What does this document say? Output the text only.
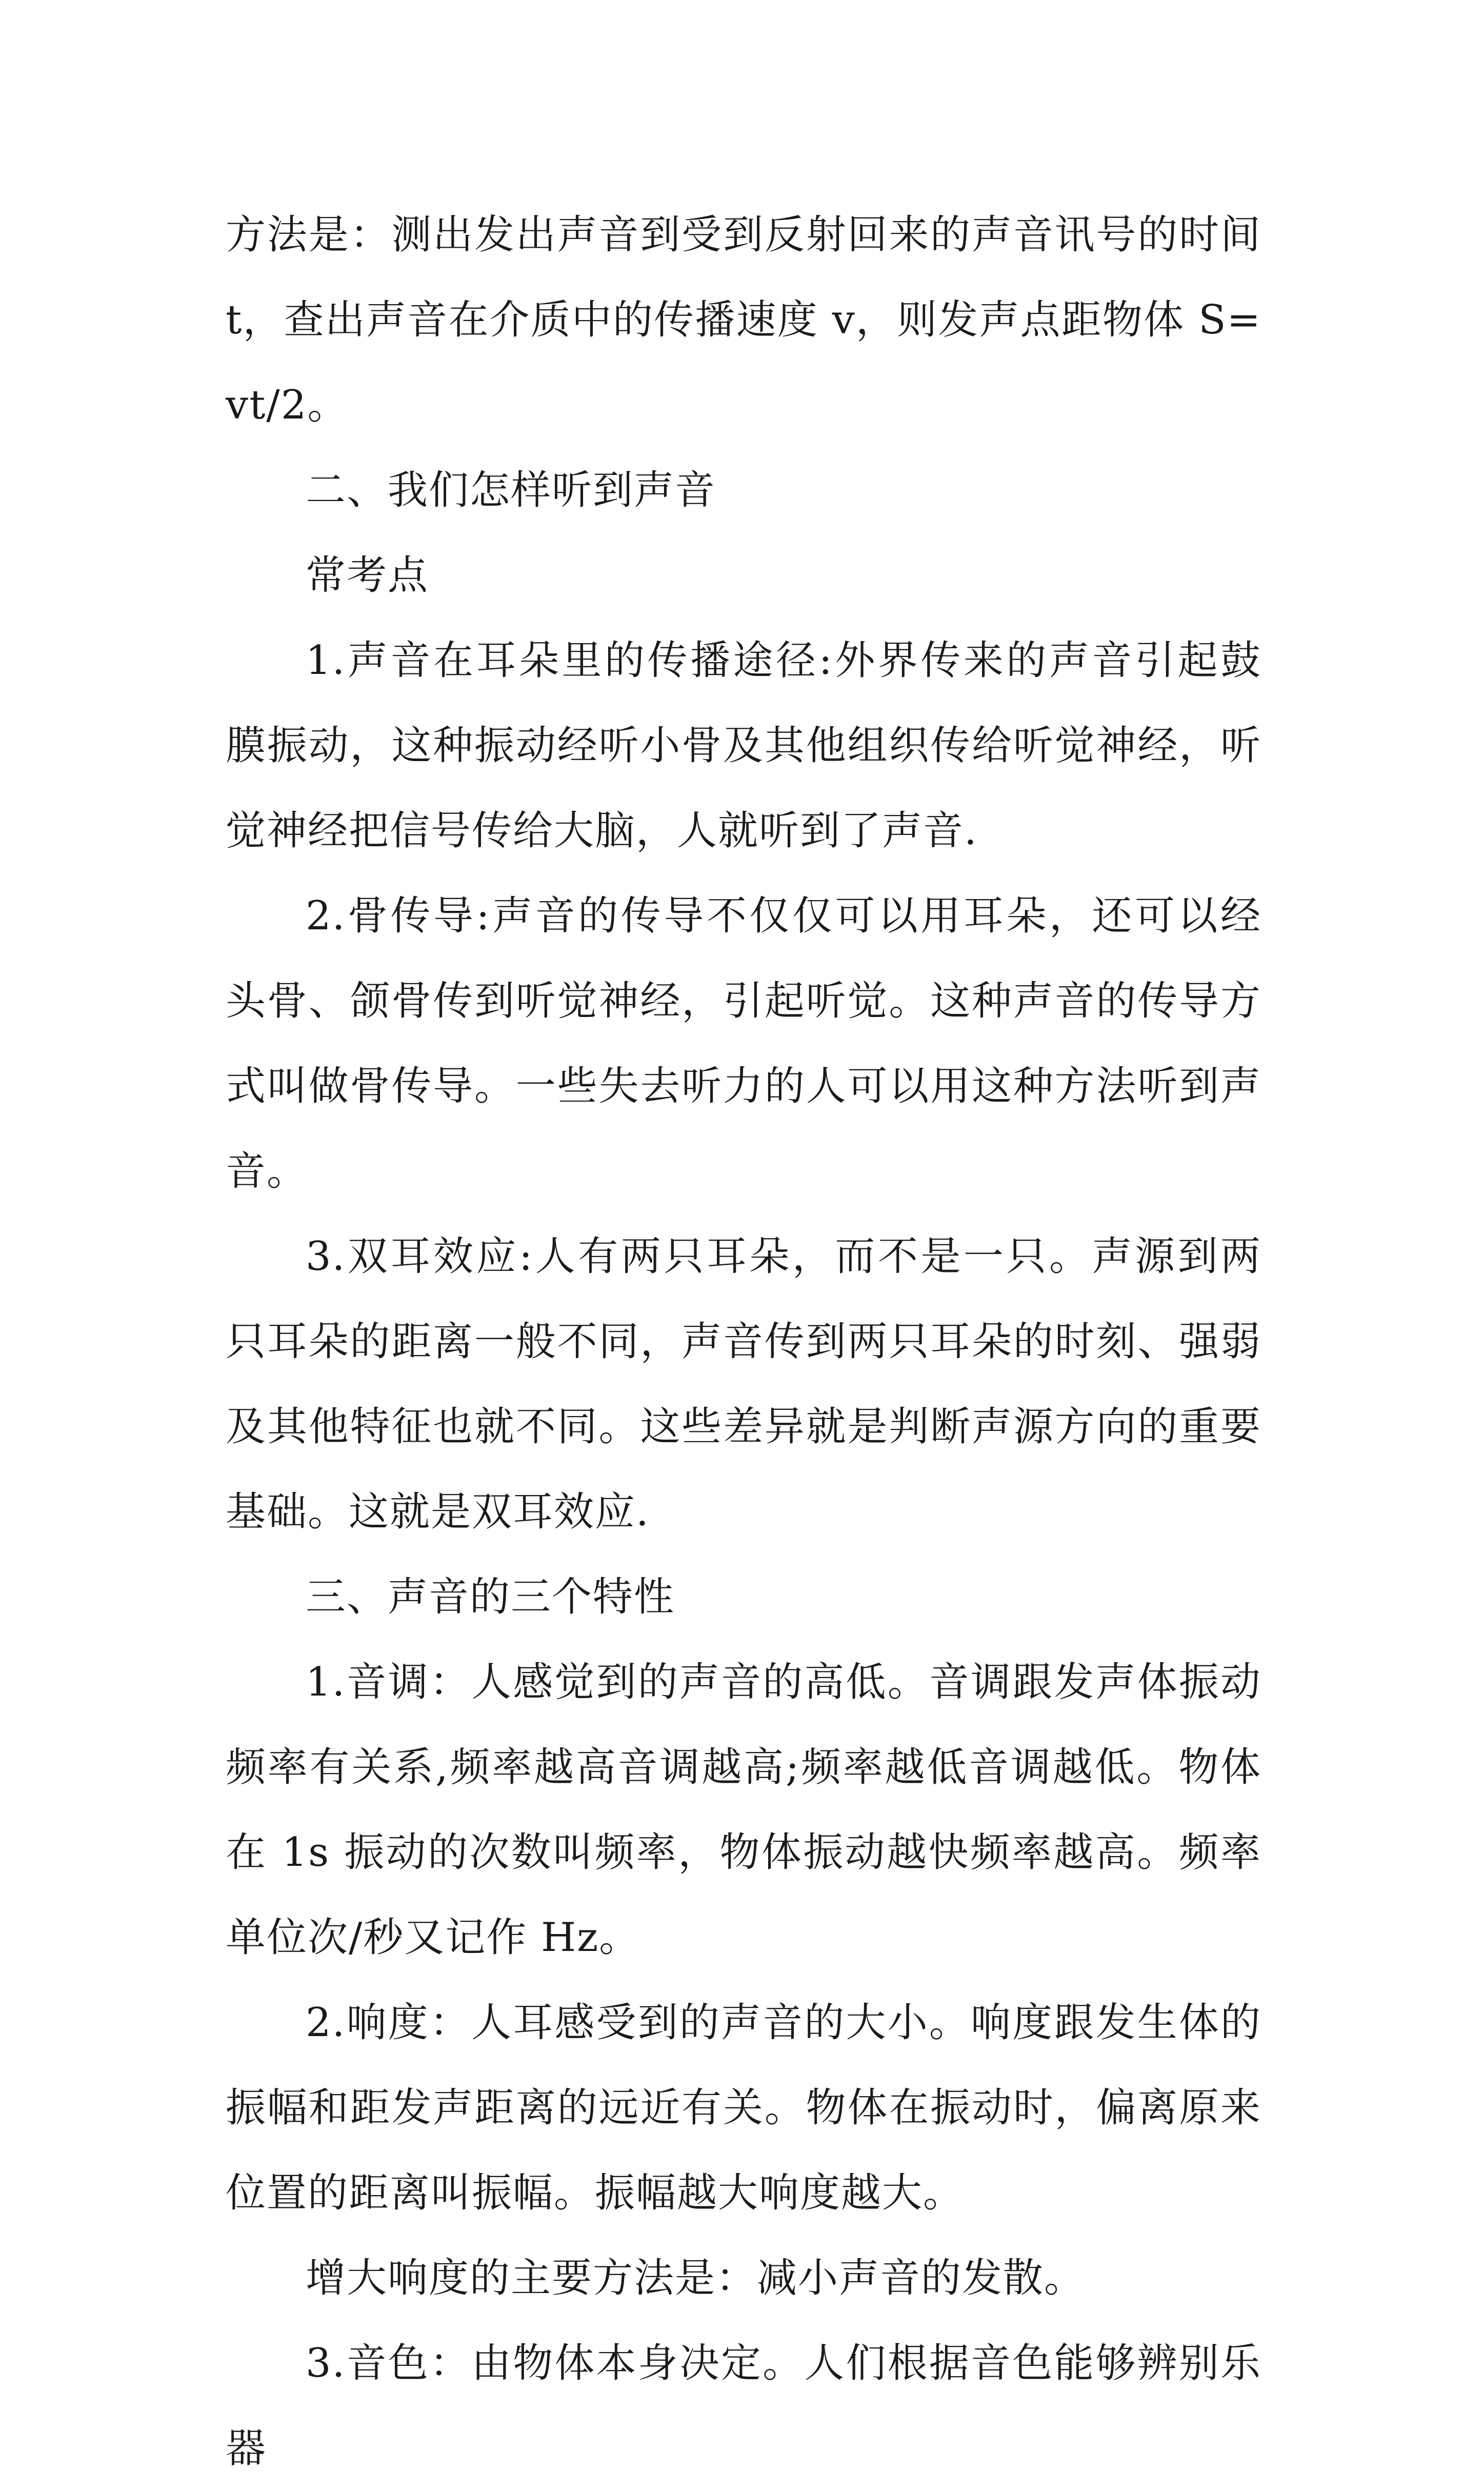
方法是：测出发出声音到受到反射回来的声音讯号的时间 t，查出声音在介质中的传播速度 v，则发声点距物体 S=vt/2。

二、我们怎样听到声音

常考点

1.声音在耳朵里的传播途径:外界传来的声音引起鼓膜振动，这种振动经听小骨及其他组织传给听觉神经，听觉神经把信号传给大脑，人就听到了声音.

2.骨传导:声音的传导不仅仅可以用耳朵，还可以经头骨、颌骨传到听觉神经，引起听觉。这种声音的传导方式叫做骨传导。一些失去听力的人可以用这种方法听到声音。

3.双耳效应:人有两只耳朵，而不是一只。声源到两只耳朵的距离一般不同，声音传到两只耳朵的时刻、强弱及其他特征也就不同。这些差异就是判断声源方向的重要基础。这就是双耳效应.

三、声音的三个特性

1.音调：人感觉到的声音的高低。音调跟发声体振动频率有关系,频率越高音调越高;频率越低音调越低。物体在 1s 振动的次数叫频率，物体振动越快频率越高。频率单位次/秒又记作 Hz。

2.响度：人耳感受到的声音的大小。响度跟发生体的振幅和距发声距离的远近有关。物体在振动时，偏离原来位置的距离叫振幅。振幅越大响度越大。

增大响度的主要方法是：减小声音的发散。

3.音色：由物体本身决定。人们根据音色能够辨别乐器
